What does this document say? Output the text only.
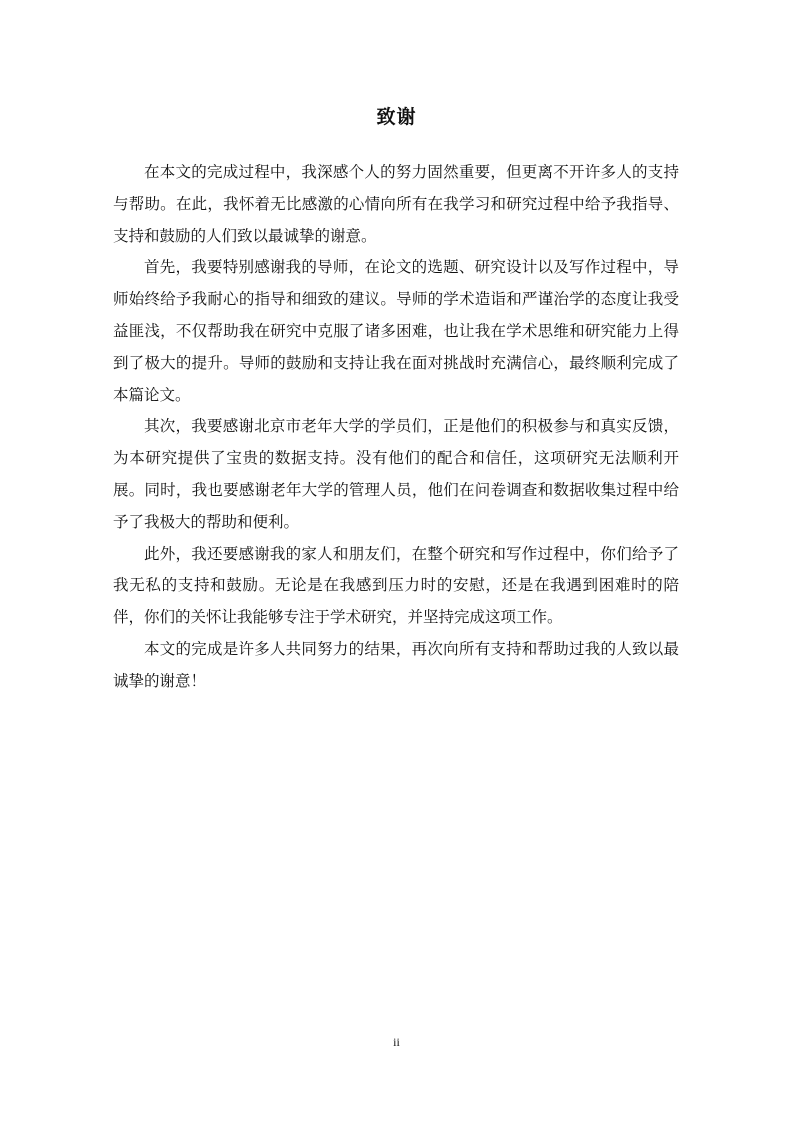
致谢

在本文的完成过程中，我深感个人的努力固然重要，但更离不开许多人的支持与帮助。在此，我怀着无比感激的心情向所有在我学习和研究过程中给予我指导、支持和鼓励的人们致以最诚挚的谢意。

首先，我要特别感谢我的导师，在论文的选题、研究设计以及写作过程中，导师始终给予我耐心的指导和细致的建议。导师的学术造诣和严谨治学的态度让我受益匪浅，不仅帮助我在研究中克服了诸多困难，也让我在学术思维和研究能力上得到了极大的提升。导师的鼓励和支持让我在面对挑战时充满信心，最终顺利完成了本篇论文。

其次，我要感谢北京市老年大学的学员们，正是他们的积极参与和真实反馈，为本研究提供了宝贵的数据支持。没有他们的配合和信任，这项研究无法顺利开展。同时，我也要感谢老年大学的管理人员，他们在问卷调查和数据收集过程中给予了我极大的帮助和便利。

此外，我还要感谢我的家人和朋友们，在整个研究和写作过程中，你们给予了我无私的支持和鼓励。无论是在我感到压力时的安慰，还是在我遇到困难时的陪伴，你们的关怀让我能够专注于学术研究，并坚持完成这项工作。

本文的完成是许多人共同努力的结果，再次向所有支持和帮助过我的人致以最诚挚的谢意！

ii
